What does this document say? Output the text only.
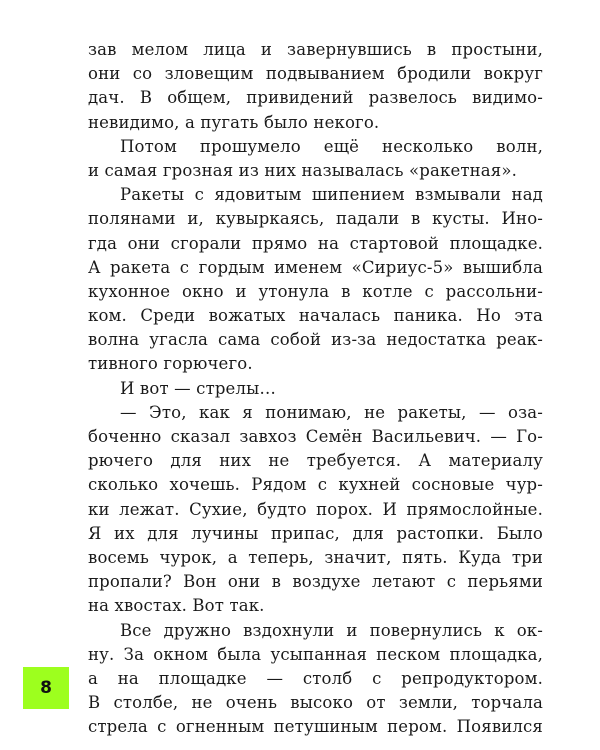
зав мелом лица и завернувшись в простыни,
они со зловещим подвыванием бродили вокруг
дач. В общем, привидений развелось видимо-
невидимо, а пугать было некого.
Потом прошумело ещё несколько волн,
и самая грозная из них называлась «ракетная».
Ракеты с ядовитым шипением взмывали над
полянами и, кувыркаясь, падали в кусты. Ино-
гда они сгорали прямо на стартовой площадке.
А ракета с гордым именем «Сириус-5» вышибла
кухонное окно и утонула в котле с рассольни-
ком. Среди вожатых началась паника. Но эта
волна угасла сама собой из-за недостатка реак-
тивного горючего.
И вот — стрелы…
— Это, как я понимаю, не ракеты, — оза-
боченно сказал завхоз Семён Васильевич. — Го-
рючего для них не требуется. А материалу
сколько хочешь. Рядом с кухней сосновые чур-
ки лежат. Сухие, будто порох. И прямослойные.
Я их для лучины припас, для растопки. Было
восемь чурок, а теперь, значит, пять. Куда три
пропали? Вон они в воздухе летают с перьями
на хвостах. Вот так.
Все дружно вздохнули и повернулись к ок-
ну. За окном была усыпанная песком площадка,
а на площадке — столб с репродуктором.
В столбе, не очень высоко от земли, торчала
стрела с огненным петушиным пером. Появился
8
